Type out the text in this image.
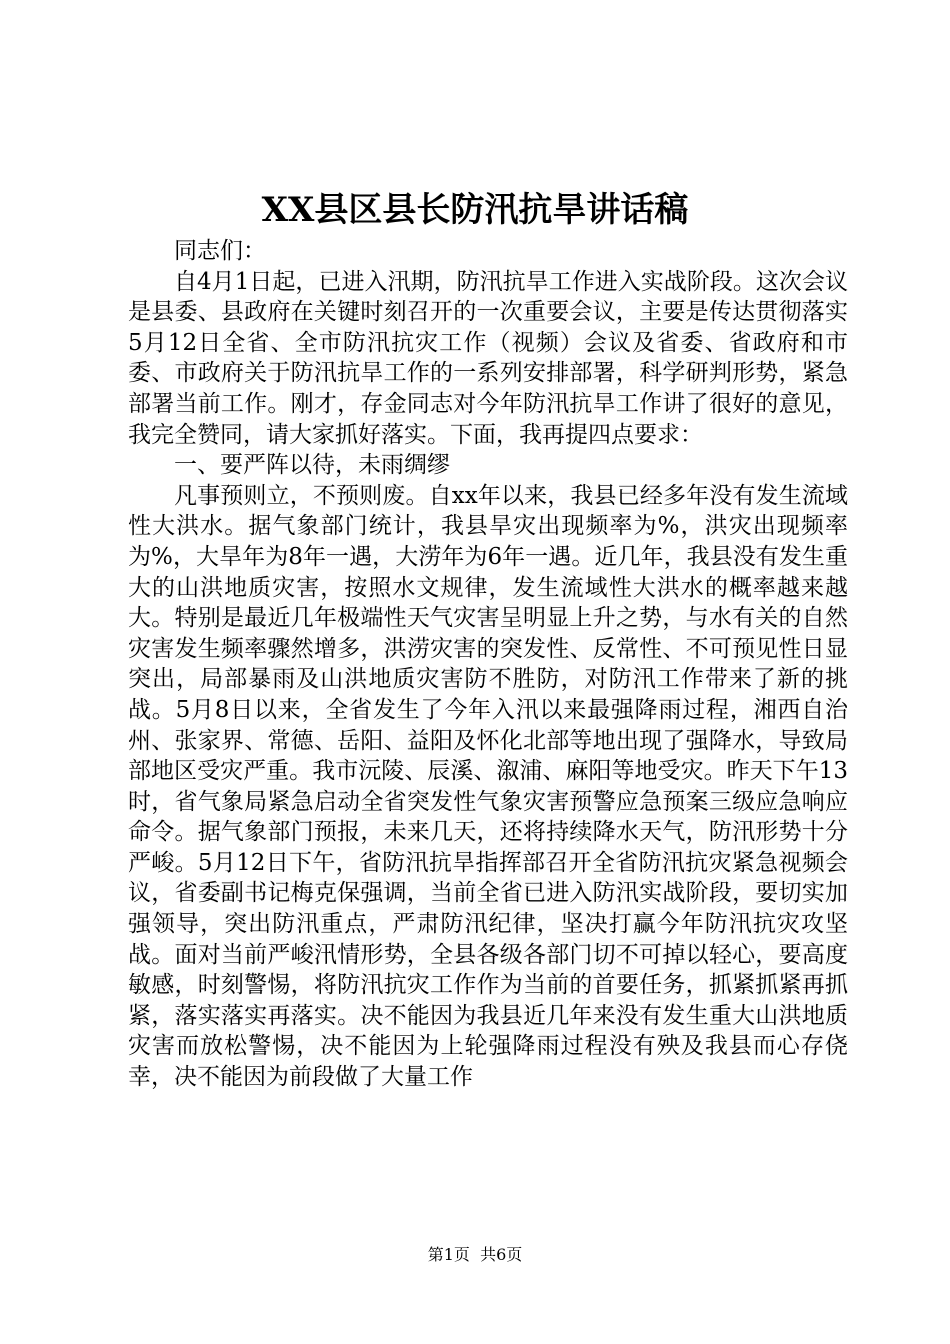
XX县区县长防汛抗旱讲话稿

同志们：

自4月1日起，已进入汛期，防汛抗旱工作进入实战阶段。这次会议是县委、县政府在关键时刻召开的一次重要会议，主要是传达贯彻落实5月12日全省、全市防汛抗灾工作（视频）会议及省委、省政府和市委、市政府关于防汛抗旱工作的一系列安排部署，科学研判形势，紧急部署当前工作。刚才，存金同志对今年防汛抗旱工作讲了很好的意见，我完全赞同，请大家抓好落实。下面，我再提四点要求：

一、要严阵以待，未雨绸缪

凡事预则立，不预则废。自xx年以来，我县已经多年没有发生流域性大洪水。据气象部门统计，我县旱灾出现频率为%，洪灾出现频率为%，大旱年为8年一遇，大涝年为6年一遇。近几年，我县没有发生重大的山洪地质灾害，按照水文规律，发生流域性大洪水的概率越来越大。特别是最近几年极端性天气灾害呈明显上升之势，与水有关的自然灾害发生频率骤然增多，洪涝灾害的突发性、反常性、不可预见性日显突出，局部暴雨及山洪地质灾害防不胜防，对防汛工作带来了新的挑战。5月8日以来，全省发生了今年入汛以来最强降雨过程，湘西自治州、张家界、常德、岳阳、益阳及怀化北部等地出现了强降水，导致局部地区受灾严重。我市沅陵、辰溪、溆浦、麻阳等地受灾。昨天下午13时，省气象局紧急启动全省突发性气象灾害预警应急预案三级应急响应命令。据气象部门预报，未来几天，还将持续降水天气，防汛形势十分严峻。5月12日下午，省防汛抗旱指挥部召开全省防汛抗灾紧急视频会议，省委副书记梅克保强调，当前全省已进入防汛实战阶段，要切实加强领导，突出防汛重点，严肃防汛纪律，坚决打赢今年防汛抗灾攻坚战。面对当前严峻汛情形势，全县各级各部门切不可掉以轻心，要高度敏感，时刻警惕，将防汛抗灾工作作为当前的首要任务，抓紧抓紧再抓紧，落实落实再落实。决不能因为我县近几年来没有发生重大山洪地质灾害而放松警惕，决不能因为上轮强降雨过程没有殃及我县而心存侥幸，决不能因为前段做了大量工作

第1页 共6页
